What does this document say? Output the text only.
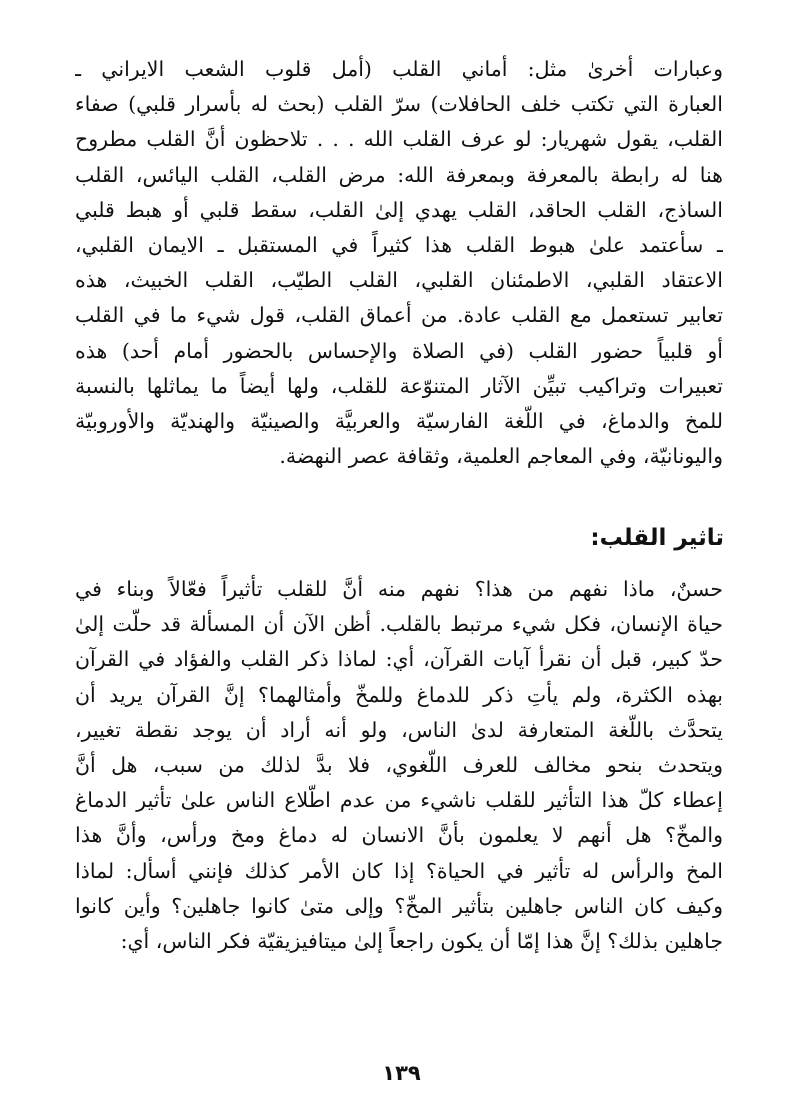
وعبارات أخرىٰ مثل: أماني القلب (أمل قلوب الشعب الايراني ـ
العبارة التي تكتب خلف الحافلات) سرّ القلب (بحث له بأسرار قلبي) صفاء
القلب، يقول شهريار: لو عرف القلب الله . . . تلاحظون أنَّ القلب مطروح
هنا له رابطة بالمعرفة وبمعرفة الله: مرض القلب، القلب اليائس، القلب
الساذج، القلب الحاقد، القلب يهدي إلىٰ القلب، سقط قلبي أو هبط قلبي
ـ سأعتمد علىٰ هبوط القلب هذا كثيراً في المستقبل ـ الايمان القلبي،
الاعتقاد القلبي، الاطمئنان القلبي، القلب الطيّب، القلب الخبيث، هذه
تعابير تستعمل مع القلب عادة. من أعماق القلب، قول شيء ما في القلب
أو قلبياً حضور القلب (في الصلاة والإحساس بالحضور أمام أحد) هذه
تعبيرات وتراكيب تبيِّن الآثار المتنوّعة للقلب، ولها أيضاً ما يماثلها بالنسبة
للمخ والدماغ، في اللّغة الفارسيّة والعربيَّة والصينيّة والهنديّة والأوروبيّة
واليونانيّة، وفي المعاجم العلمية، وثقافة عصر النهضة.
تاثير القلب:
حسنٌ، ماذا نفهم من هذا؟ نفهم منه أنَّ للقلب تأثيراً فعّالاً وبناء في
حياة الإنسان، فكل شيء مرتبط بالقلب. أظن الآن أن المسألة قد حلّت إلىٰ
حدّ كبير، قبل أن نقرأ آيات القرآن، أي: لماذا ذكر القلب والفؤاد في القرآن
بهذه الكثرة، ولم يأتِ ذكر للدماغ وللمخّ وأمثالهما؟ إنَّ القرآن يريد أن
يتحدَّث باللّغة المتعارفة لدىٰ الناس، ولو أنه أراد أن يوجد نقطة تغيير،
ويتحدث بنحو مخالف للعرف اللّغوي، فلا بدَّ لذلك من سبب، هل أنَّ
إعطاء كلّ هذا التأثير للقلب ناشيء من عدم اطّلاع الناس علىٰ تأثير الدماغ
والمخّ؟ هل أنهم لا يعلمون بأنَّ الانسان له دماغ ومخ ورأس، وأنَّ هذا
المخ والرأس له تأثير في الحياة؟ إذا كان الأمر كذلك فإنني أسأل: لماذا
وكيف كان الناس جاهلين بتأثير المخّ؟ وإلى متىٰ كانوا جاهلين؟ وأين كانوا
جاهلين بذلك؟ إنَّ هذا إمّا أن يكون راجعاً إلىٰ ميتافيزيقيّة فكر الناس، أي:
١٣٩
